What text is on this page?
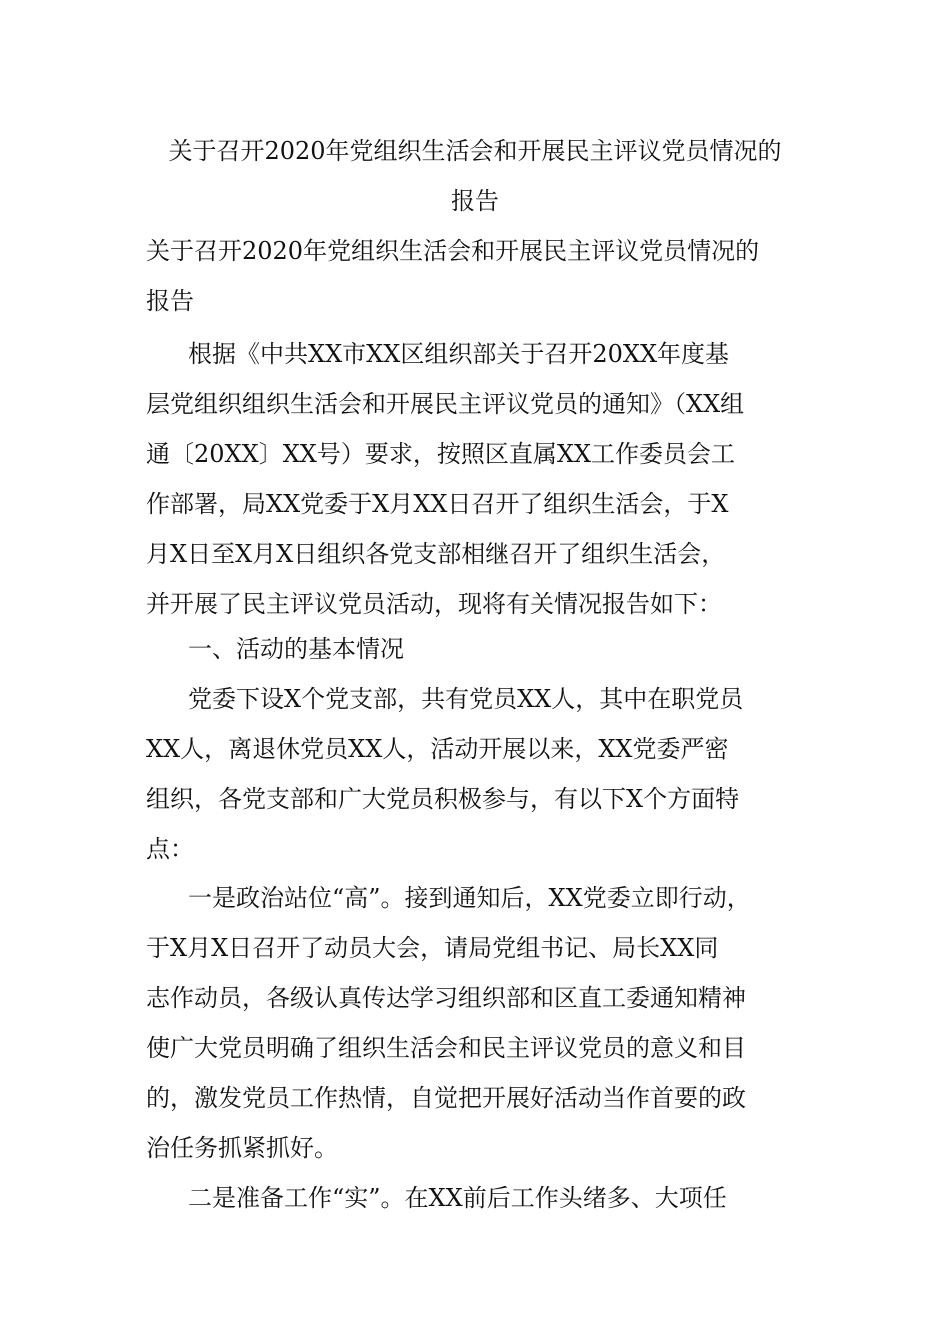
关于召开2020年党组织生活会和开展民主评议党员情况的
报告
关于召开2020年党组织生活会和开展民主评议党员情况的
报告
根据《中共XX市XX区组织部关于召开20XX年度基
层党组织组织生活会和开展民主评议党员的通知》（XX组
通〔20XX〕XX号）要求，按照区直属XX工作委员会工
作部署，局XX党委于X月XX日召开了组织生活会，于X
月X日至X月X日组织各党支部相继召开了组织生活会，
并开展了民主评议党员活动，现将有关情况报告如下：
一、活动的基本情况
党委下设X个党支部，共有党员XX人，其中在职党员
XX人，离退休党员XX人，活动开展以来，XX党委严密
组织，各党支部和广大党员积极参与，有以下X个方面特
点：
一是政治站位“高”。接到通知后，XX党委立即行动，
于X月X日召开了动员大会，请局党组书记、局长XX同
志作动员，各级认真传达学习组织部和区直工委通知精神
使广大党员明确了组织生活会和民主评议党员的意义和目
的，激发党员工作热情，自觉把开展好活动当作首要的政
治任务抓紧抓好。
二是准备工作“实”。在XX前后工作头绪多、大项任
